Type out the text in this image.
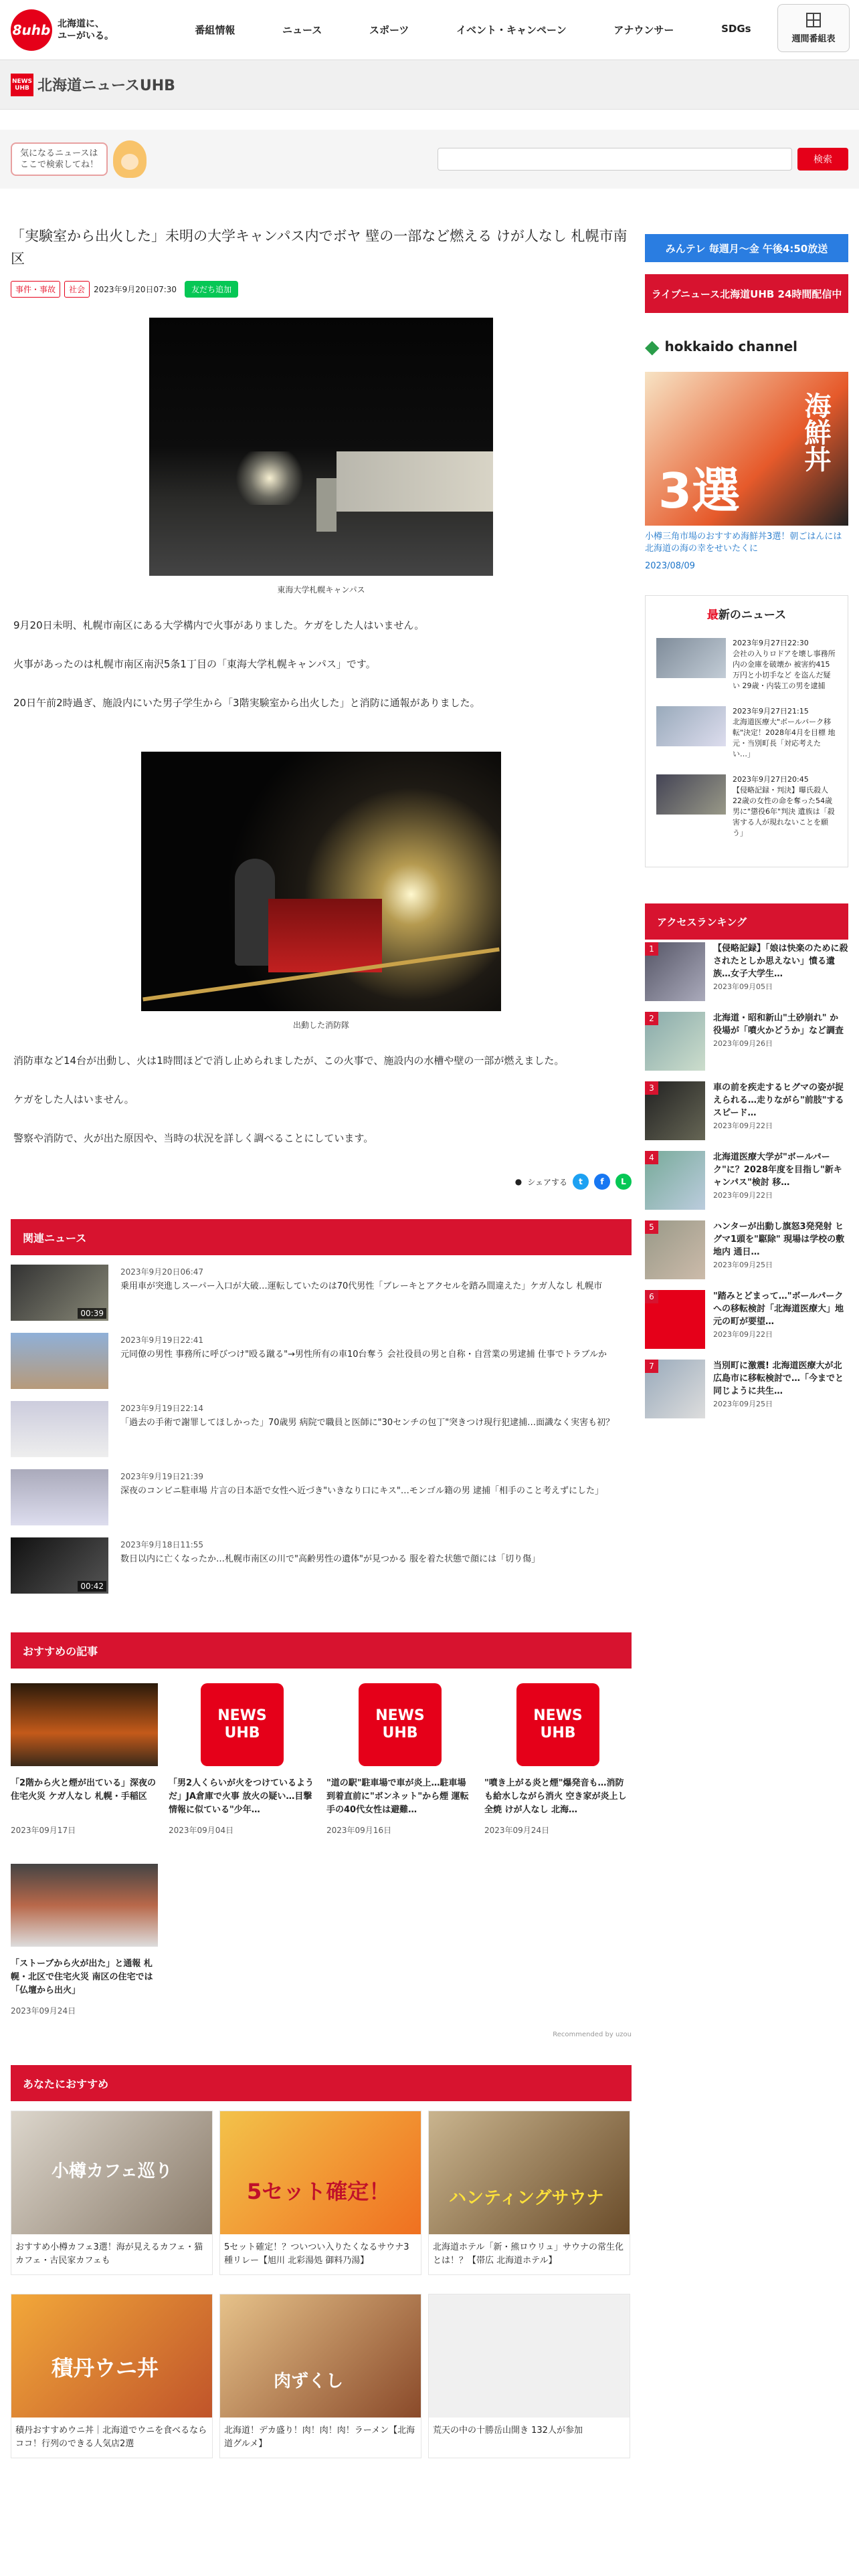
8uhb 北海道に、
ユーがいる。	番組情報	ニュース	スポーツ	イベント・キャンペーン	アナウンサー	SDGs
週間番組表
NEWS UHB 北海道ニュースUHB
気になるニュースは
ここで検索してね！
検索
「実験室から出火した」未明の大学キャンパス内でボヤ 壁の一部など燃える けが人なし 札幌市南区
事件・事故	社会	2023年9月20日07:30	友だち追加
東海大学札幌キャンパス

9月20日未明、札幌市南区にある大学構内で火事がありました。ケガをした人はいません。

火事があったのは札幌市南区南沢5条1丁目の「東海大学札幌キャンパス」です。

20日午前2時過ぎ、施設内にいた男子学生から「3階実験室から出火した」と消防に通報がありました。

出動した消防隊

消防車など14台が出動し、火は1時間ほどで消し止められましたが、この火事で、施設内の水槽や壁の一部が燃えました。

ケガをした人はいません。

警察や消防で、火が出た原因や、当時の状況を詳しく調べることにしています。

● シェアする	t	f	L
関連ニュース
00:39
2023年9月20日06:47
乗用車が突進しスーパー入口が大破…運転していたのは70代男性「ブレーキとアクセルを踏み間違えた」ケガ人なし 札幌市
2023年9月19日22:41
元同僚の男性 事務所に呼びつけ"殴る蹴る"→男性所有の車10台奪う 会社役員の男と自称・自営業の男逮捕 仕事でトラブルか
2023年9月19日22:14
「過去の手術で謝罪してほしかった」70歳男 病院で職員と医師に"30センチの包丁"突きつけ現行犯逮捕…面識なく実害も初？
2023年9月19日21:39
深夜のコンビニ駐車場 片言の日本語で女性へ近づき"いきなり口にキス"…モンゴル籍の男 逮捕「相手のこと考えずにした」
00:42
2023年9月18日11:55
数日以内に亡くなったか…札幌市南区の川で"高齢男性の遺体"が見つかる 服を着た状態で顔には「切り傷」
おすすめの記事
「2階から火と煙が出ている」深夜の住宅火災 ケガ人なし 札幌・手稲区
2023年09月17日
NEWS UHB
「男2人くらいが火をつけているようだ」JA倉庫で火事 放火の疑い…目撃情報に似ている"少年…
2023年09月04日
NEWS UHB
"道の駅"駐車場で車が炎上…駐車場到着直前に"ボンネット"から煙 運転手の40代女性は避難…
2023年09月16日
NEWS UHB
"噴き上がる炎と煙"爆発音も…消防も給水しながら消火 空き家が炎上し全焼 けが人なし 北海…
2023年09月24日
「ストーブから火が出た」と通報 札幌・北区で住宅火災 南区の住宅では「仏壇から出火」
2023年09月24日
Recommended by uzou
あなたにおすすめ
小樽カフェ巡り
おすすめ小樽カフェ3選！海が見えるカフェ・猫カフェ・古民家カフェも
5セット確定！
5セット確定！？ついつい入りたくなるサウナ3種リレー【旭川 北彩湯処 御料乃湯】
ハンティングサウナ
北海道ホテル「新・熊ロウリュ」サウナの常生化とは！？【帯広 北海道ホテル】
積丹ウニ丼
積丹おすすめウニ丼｜北海道でウニを食べるならココ！行列のできる人気店2選
肉ずくし
北海道！デカ盛り！肉！肉！肉！ラーメン【北海道グルメ】
荒天の中の十勝岳山開き 132人が参加
みんテレ 毎週月〜金 午後4:50放送
ライブニュース北海道UHB 24時間配信中
◆ hokkaido channel
3選
海鮮丼
小樽三角市場のおすすめ海鮮丼3選！朝ごはんには北海道の海の幸をせいたくに
2023/08/09
最新のニュース
2023年9月27日22:30
会社の入りロドアを壊し事務所内の金庫を破壊か 被害約415万円と小切手など を盗んだ疑い 29歳・内装工の男を逮捕
2023年9月27日21:15
北海道医療大"ボールパーク移転"決定！2028年4月を目標 地元・当別町長「対応考えたい…」
2023年9月27日20:45
【侵略記録・判決】曝氏殺人 22歳の女性の命を奪った54歳男に"懲役6年"判決 遺族は「殺害する人が現れないことを願う」
アクセスランキング
1	【侵略記録】「娘は快楽のために殺されたとしか思えない」憤る遺族…女子大学生…
2023年09月05日
2	北海道・昭和新山"土砂崩れ" か 役場が「噴火かどうか」など調査
2023年09月26日
3	車の前を疾走するヒグマの姿が捉えられる…走りながら"前肢"するスピード…
2023年09月22日
4	北海道医療大学が"ボールパーク"に？2028年度を目指し"新キャンパス"検討 移…
2023年09月22日
5	ハンターが出動し旗怒3発発射 ヒグマ1頭を"駆除" 現場は学校の敷地内 通日…
2023年09月25日
6	"踏みとどまって…"ボールパークへの移転検討「北海道医療大」地元の町が要望…
2023年09月22日
7	当別町に激震! 北海道医療大が北広島市に移転検討で…「今までと同じように共生…
2023年09月25日
